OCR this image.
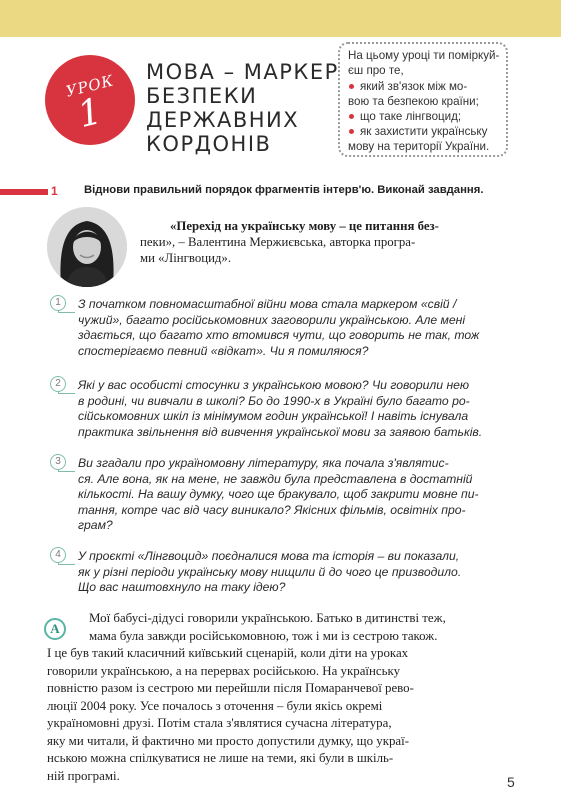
УРОК
1
МОВА – МАРКЕР
БЕЗПЕКИ
ДЕРЖАВНИХ
КОРДОНІВ
На цьому уроці ти поміркуй-
єш про те,
який зв'язок між мо-
вою та безпекою країни;
що таке лінгвоцид;
як захистити українську
мову на території України.
1 Віднови правильний порядок фрагментів інтерв'ю. Виконай завдання.
«Перехід на українську мову – це питання без-
пеки», – Валентина Мержиєвська, авторка програ-
ми «Лінгвоцид».
1	З початком повномасштабної війни мова стала маркером «свій /
чужий», багато російськомовних заговорили українською. Але мені
здається, що багато хто втомився чути, що говорить не так, тож
спостерігаємо певний «відкат». Чи я помиляюся?
2	Які у вас особисті стосунки з українською мовою? Чи говорили нею
в родині, чи вивчали в школі? Бо до 1990-х в Україні було багато ро-
сійськомовних шкіл із мінімумом годин української! І навіть існувала
практика звільнення від вивчення української мови за заявою батьків.
3	Ви згадали про україномовну літературу, яка почала з'являтис-
ся. Але вона, як на мене, не завжди була представлена в достатній
кількості. На вашу думку, чого ще бракувало, щоб закрити мовне пи-
тання, котре час від часу виникало? Якісних фільмів, освітніх про-
грам?
4	У проєкті «Лінгвоцид» поєдналися мова та історія – ви показали,
як у різні періоди українську мову нищили й до чого це призводило.
Що вас наштовхнуло на таку ідею?
А
Мої бабусі-дідусі говорили українською. Батько в дитинстві теж,
мама була завжди російськомовною, тож і ми із сестрою також.
І це був такий класичний київський сценарій, коли діти на уроках
говорили українською, а на перервах російською. На українську
повністю разом із сестрою ми перейшли після Помаранчевої рево-
люції 2004 року. Усе почалось з оточення – були якісь окремі
україномовні друзі. Потім стала з'являтися сучасна література,
яку ми читали, й фактично ми просто допустили думку, що украї-
нською можна спілкуватися не лише на теми, які були в шкіль-
ній програмі.	5
